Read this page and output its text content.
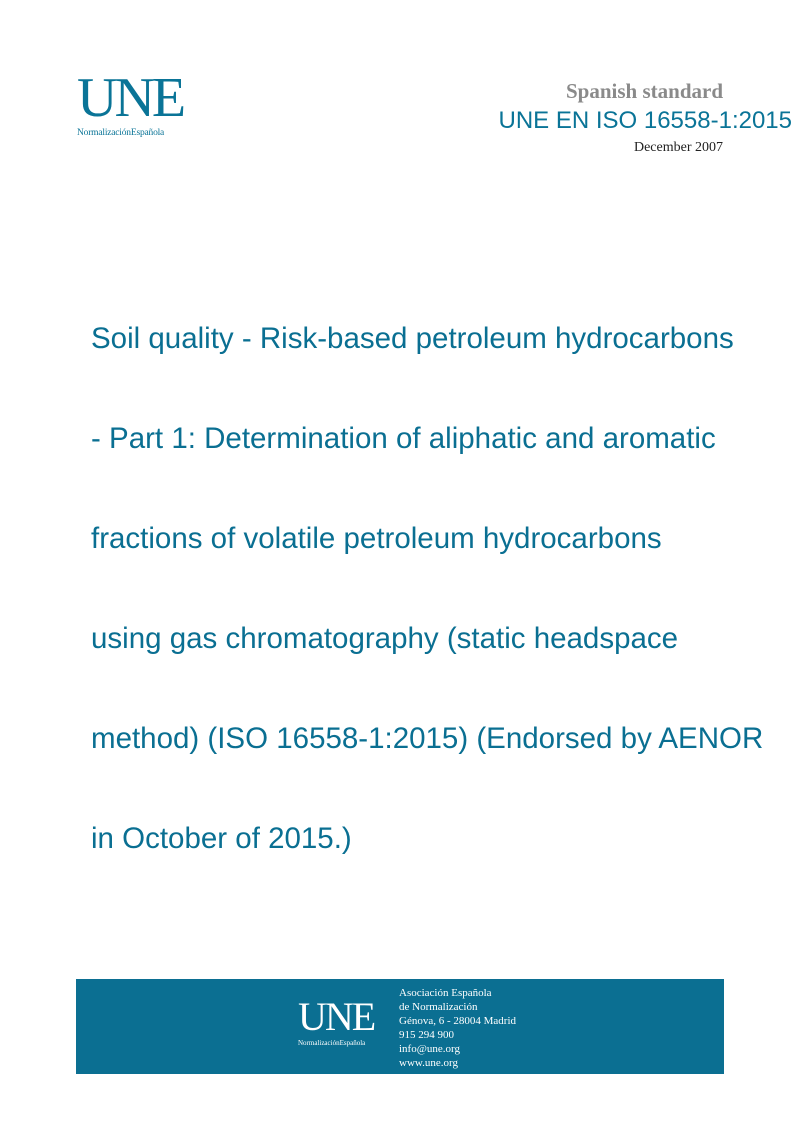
UNE
NormalizaciónEspañola
Spanish standard
UNE EN ISO 16558-1:2015
December 2007

Soil quality - Risk-based petroleum hydrocarbons

- Part 1: Determination of aliphatic and aromatic

fractions of volatile petroleum hydrocarbons

using gas chromatography (static headspace

method) (ISO 16558-1:2015) (Endorsed by AENOR

in October of 2015.)

UNE
NormalizaciónEspañola
Asociación Española
de Normalización
Génova, 6 - 28004 Madrid
915 294 900
info@une.org
www.une.org
